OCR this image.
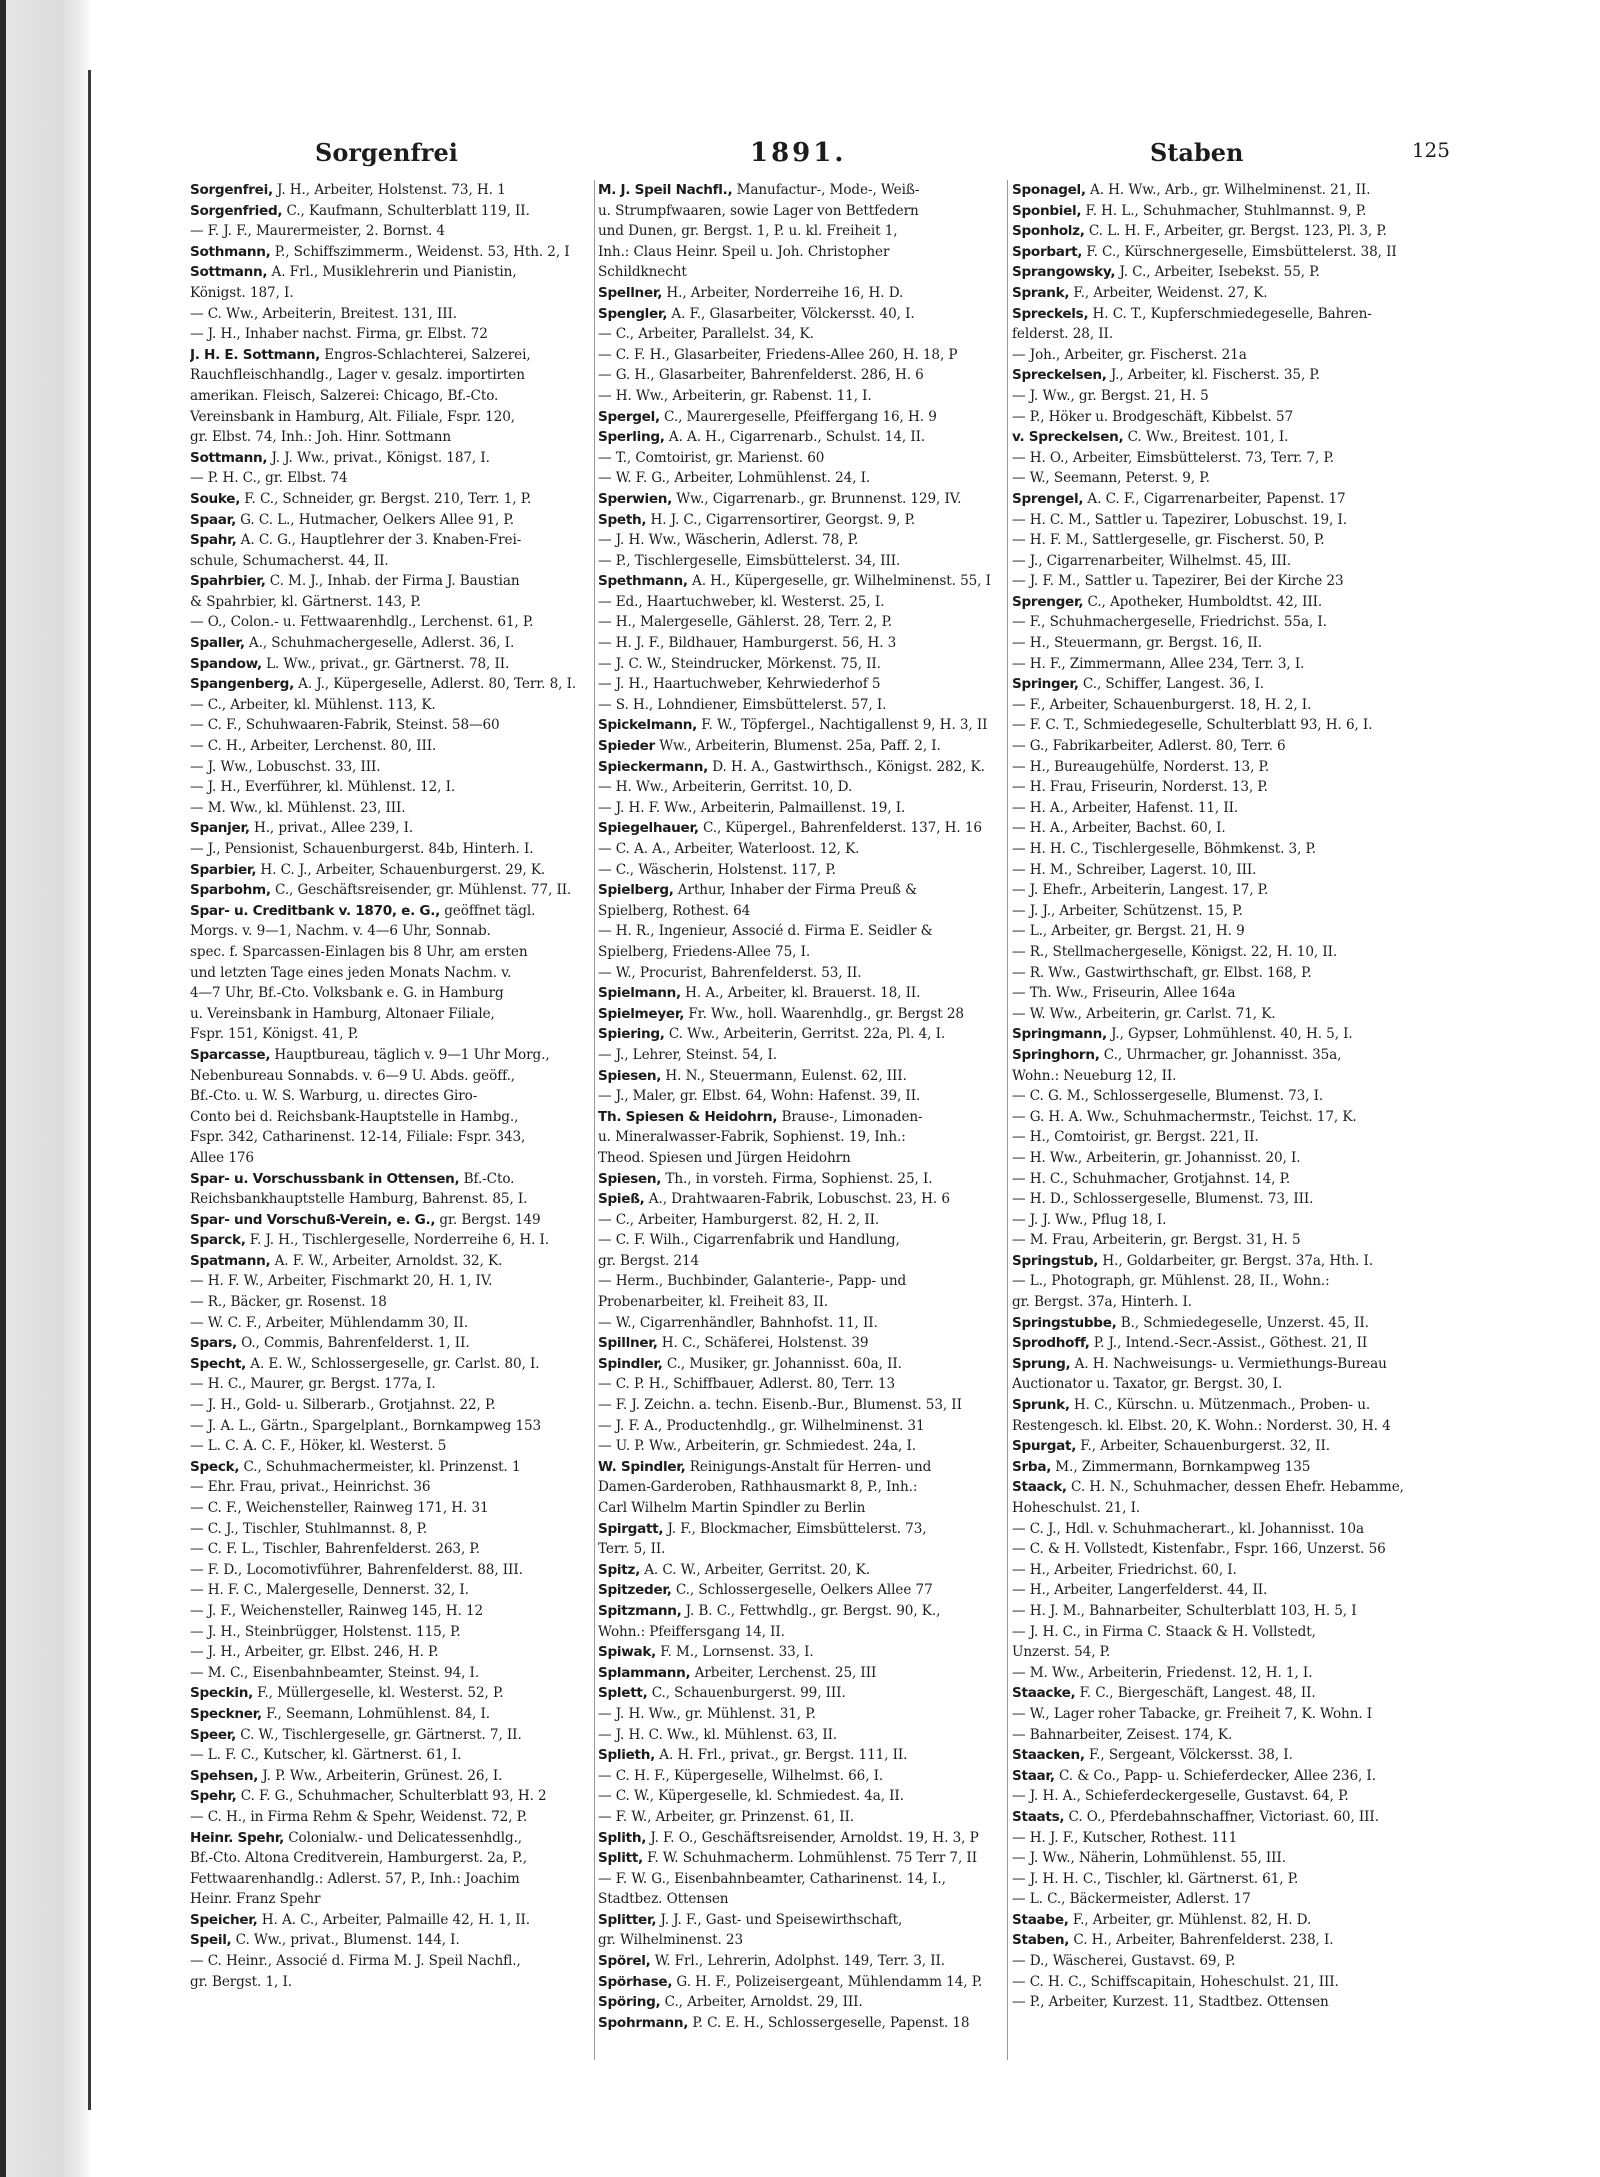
Sorgenfrei	1891.	Staben	125
Sorgenfrei, J. H., Arbeiter, Holstenst. 73, H. 1
Sorgenfried, C., Kaufmann, Schulterblatt 119, II.
— F. J. F., Maurermeister, 2. Bornst. 4
Sothmann, P., Schiffszimmerm., Weidenst. 53, Hth. 2, I
Sottmann, A. Frl., Musiklehrerin und Pianistin,
Königst. 187, I.
— C. Ww., Arbeiterin, Breitest. 131, III.
— J. H., Inhaber nachst. Firma, gr. Elbst. 72
J. H. E. Sottmann, Engros-Schlachterei, Salzerei,
Rauchfleischhandlg., Lager v. gesalz. importirten
amerikan. Fleisch, Salzerei: Chicago, Bf.-Cto.
Vereinsbank in Hamburg, Alt. Filiale, Fspr. 120,
gr. Elbst. 74, Inh.: Joh. Hinr. Sottmann
Sottmann, J. J. Ww., privat., Königst. 187, I.
— P. H. C., gr. Elbst. 74
Souke, F. C., Schneider, gr. Bergst. 210, Terr. 1, P.
Spaar, G. C. L., Hutmacher, Oelkers Allee 91, P.
Spahr, A. C. G., Hauptlehrer der 3. Knaben-Frei-
schule, Schumacherst. 44, II.
Spahrbier, C. M. J., Inhab. der Firma J. Baustian
& Spahrbier, kl. Gärtnerst. 143, P.
— O., Colon.- u. Fettwaarenhdlg., Lerchenst. 61, P.
Spaller, A., Schuhmachergeselle, Adlerst. 36, I.
Spandow, L. Ww., privat., gr. Gärtnerst. 78, II.
Spangenberg, A. J., Küpergeselle, Adlerst. 80, Terr. 8, I.
— C., Arbeiter, kl. Mühlenst. 113, K.
— C. F., Schuhwaaren-Fabrik, Steinst. 58—60
— C. H., Arbeiter, Lerchenst. 80, III.
— J. Ww., Lobuschst. 33, III.
— J. H., Everführer, kl. Mühlenst. 12, I.
— M. Ww., kl. Mühlenst. 23, III.
Spanjer, H., privat., Allee 239, I.
— J., Pensionist, Schauenburgerst. 84b, Hinterh. I.
Sparbier, H. C. J., Arbeiter, Schauenburgerst. 29, K.
Sparbohm, C., Geschäftsreisender, gr. Mühlenst. 77, II.
Spar- u. Creditbank v. 1870, e. G., geöffnet tägl.
Morgs. v. 9—1, Nachm. v. 4—6 Uhr, Sonnab.
spec. f. Sparcassen-Einlagen bis 8 Uhr, am ersten
und letzten Tage eines jeden Monats Nachm. v.
4—7 Uhr, Bf.-Cto. Volksbank e. G. in Hamburg
u. Vereinsbank in Hamburg, Altonaer Filiale,
Fspr. 151, Königst. 41, P.
Sparcasse, Hauptbureau, täglich v. 9—1 Uhr Morg.,
Nebenbureau Sonnabds. v. 6—9 U. Abds. geöff.,
Bf.-Cto. u. W. S. Warburg, u. directes Giro-
Conto bei d. Reichsbank-Hauptstelle in Hambg.,
Fspr. 342, Catharinenst. 12-14, Filiale: Fspr. 343,
Allee 176
Spar- u. Vorschussbank in Ottensen, Bf.-Cto.
Reichsbankhauptstelle Hamburg, Bahrenst. 85, I.
Spar- und Vorschuß-Verein, e. G., gr. Bergst. 149
Sparck, F. J. H., Tischlergeselle, Norderreihe 6, H. I.
Spatmann, A. F. W., Arbeiter, Arnoldst. 32, K.
— H. F. W., Arbeiter, Fischmarkt 20, H. 1, IV.
— R., Bäcker, gr. Rosenst. 18
— W. C. F., Arbeiter, Mühlendamm 30, II.
Spars, O., Commis, Bahrenfelderst. 1, II.
Specht, A. E. W., Schlossergeselle, gr. Carlst. 80, I.
— H. C., Maurer, gr. Bergst. 177a, I.
— J. H., Gold- u. Silberarb., Grotjahnst. 22, P.
— J. A. L., Gärtn., Spargelplant., Bornkampweg 153
— L. C. A. C. F., Höker, kl. Westerst. 5
Speck, C., Schuhmachermeister, kl. Prinzenst. 1
— Ehr. Frau, privat., Heinrichst. 36
— C. F., Weichensteller, Rainweg 171, H. 31
— C. J., Tischler, Stuhlmannst. 8, P.
— C. F. L., Tischler, Bahrenfelderst. 263, P.
— F. D., Locomotivführer, Bahrenfelderst. 88, III.
— H. F. C., Malergeselle, Dennerst. 32, I.
— J. F., Weichensteller, Rainweg 145, H. 12
— J. H., Steinbrügger, Holstenst. 115, P.
— J. H., Arbeiter, gr. Elbst. 246, H. P.
— M. C., Eisenbahnbeamter, Steinst. 94, I.
Speckin, F., Müllergeselle, kl. Westerst. 52, P.
Speckner, F., Seemann, Lohmühlenst. 84, I.
Speer, C. W., Tischlergeselle, gr. Gärtnerst. 7, II.
— L. F. C., Kutscher, kl. Gärtnerst. 61, I.
Spehsen, J. P. Ww., Arbeiterin, Grünest. 26, I.
Spehr, C. F. G., Schuhmacher, Schulterblatt 93, H. 2
— C. H., in Firma Rehm & Spehr, Weidenst. 72, P.
Heinr. Spehr, Colonialw.- und Delicatessenhdlg.,
Bf.-Cto. Altona Creditverein, Hamburgerst. 2a, P.,
Fettwaarenhandlg.: Adlerst. 57, P., Inh.: Joachim
Heinr. Franz Spehr
Speicher, H. A. C., Arbeiter, Palmaille 42, H. 1, II.
Speil, C. Ww., privat., Blumenst. 144, I.
— C. Heinr., Associé d. Firma M. J. Speil Nachfl.,
gr. Bergst. 1, I.
M. J. Speil Nachfl., Manufactur-, Mode-, Weiß-
u. Strumpfwaaren, sowie Lager von Bettfedern
und Dunen, gr. Bergst. 1, P. u. kl. Freiheit 1,
Inh.: Claus Heinr. Speil u. Joh. Christopher
Schildknecht
Spellner, H., Arbeiter, Norderreihe 16, H. D.
Spengler, A. F., Glasarbeiter, Völckersst. 40, I.
— C., Arbeiter, Parallelst. 34, K.
— C. F. H., Glasarbeiter, Friedens-Allee 260, H. 18, P
— G. H., Glasarbeiter, Bahrenfelderst. 286, H. 6
— H. Ww., Arbeiterin, gr. Rabenst. 11, I.
Spergel, C., Maurergeselle, Pfeiffergang 16, H. 9
Sperling, A. A. H., Cigarrenarb., Schulst. 14, II.
— T., Comtoirist, gr. Marienst. 60
— W. F. G., Arbeiter, Lohmühlenst. 24, I.
Sperwien, Ww., Cigarrenarb., gr. Brunnenst. 129, IV.
Speth, H. J. C., Cigarrensortirer, Georgst. 9, P.
— J. H. Ww., Wäscherin, Adlerst. 78, P.
— P., Tischlergeselle, Eimsbüttelerst. 34, III.
Spethmann, A. H., Küpergeselle, gr. Wilhelminenst. 55, I
— Ed., Haartuchweber, kl. Westerst. 25, I.
— H., Malergeselle, Gählerst. 28, Terr. 2, P.
— H. J. F., Bildhauer, Hamburgerst. 56, H. 3
— J. C. W., Steindrucker, Mörkenst. 75, II.
— J. H., Haartuchweber, Kehrwiederhof 5
— S. H., Lohndiener, Eimsbüttelerst. 57, I.
Spickelmann, F. W., Töpfergel., Nachtigallenst 9, H. 3, II
Spieder Ww., Arbeiterin, Blumenst. 25a, Paff. 2, I.
Spieckermann, D. H. A., Gastwirthsch., Königst. 282, K.
— H. Ww., Arbeiterin, Gerritst. 10, D.
— J. H. F. Ww., Arbeiterin, Palmaillenst. 19, I.
Spiegelhauer, C., Küpergel., Bahrenfelderst. 137, H. 16
— C. A. A., Arbeiter, Waterloost. 12, K.
— C., Wäscherin, Holstenst. 117, P.
Spielberg, Arthur, Inhaber der Firma Preuß &
Spielberg, Rothest. 64
— H. R., Ingenieur, Associé d. Firma E. Seidler &
Spielberg, Friedens-Allee 75, I.
— W., Procurist, Bahrenfelderst. 53, II.
Spielmann, H. A., Arbeiter, kl. Brauerst. 18, II.
Spielmeyer, Fr. Ww., holl. Waarenhdlg., gr. Bergst 28
Spiering, C. Ww., Arbeiterin, Gerritst. 22a, Pl. 4, I.
— J., Lehrer, Steinst. 54, I.
Spiesen, H. N., Steuermann, Eulenst. 62, III.
— J., Maler, gr. Elbst. 64, Wohn: Hafenst. 39, II.
Th. Spiesen & Heidohrn, Brause-, Limonaden-
u. Mineralwasser-Fabrik, Sophienst. 19, Inh.:
Theod. Spiesen und Jürgen Heidohrn
Spiesen, Th., in vorsteh. Firma, Sophienst. 25, I.
Spieß, A., Drahtwaaren-Fabrik, Lobuschst. 23, H. 6
— C., Arbeiter, Hamburgerst. 82, H. 2, II.
— C. F. Wilh., Cigarrenfabrik und Handlung,
gr. Bergst. 214
— Herm., Buchbinder, Galanterie-, Papp- und
Probenarbeiter, kl. Freiheit 83, II.
— W., Cigarrenhändler, Bahnhofst. 11, II.
Spillner, H. C., Schäferei, Holstenst. 39
Spindler, C., Musiker, gr. Johannisst. 60a, II.
— C. P. H., Schiffbauer, Adlerst. 80, Terr. 13
— F. J. Zeichn. a. techn. Eisenb.-Bur., Blumenst. 53, II
— J. F. A., Productenhdlg., gr. Wilhelminenst. 31
— U. P. Ww., Arbeiterin, gr. Schmiedest. 24a, I.
W. Spindler, Reinigungs-Anstalt für Herren- und
Damen-Garderoben, Rathhausmarkt 8, P., Inh.:
Carl Wilhelm Martin Spindler zu Berlin
Spirgatt, J. F., Blockmacher, Eimsbüttelerst. 73,
Terr. 5, II.
Spitz, A. C. W., Arbeiter, Gerritst. 20, K.
Spitzeder, C., Schlossergeselle, Oelkers Allee 77
Spitzmann, J. B. C., Fettwhdlg., gr. Bergst. 90, K.,
Wohn.: Pfeiffersgang 14, II.
Spiwak, F. M., Lornsenst. 33, I.
Splammann, Arbeiter, Lerchenst. 25, III
Splett, C., Schauenburgerst. 99, III.
— J. H. Ww., gr. Mühlenst. 31, P.
— J. H. C. Ww., kl. Mühlenst. 63, II.
Splieth, A. H. Frl., privat., gr. Bergst. 111, II.
— C. H. F., Küpergeselle, Wilhelmst. 66, I.
— C. W., Küpergeselle, kl. Schmiedest. 4a, II.
— F. W., Arbeiter, gr. Prinzenst. 61, II.
Splith, J. F. O., Geschäftsreisender, Arnoldst. 19, H. 3, P
Splitt, F. W. Schuhmacherm. Lohmühlenst. 75 Terr 7, II
— F. W. G., Eisenbahnbeamter, Catharinenst. 14, I.,
Stadtbez. Ottensen
Splitter, J. J. F., Gast- und Speisewirthschaft,
gr. Wilhelminenst. 23
Spörel, W. Frl., Lehrerin, Adolphst. 149, Terr. 3, II.
Spörhase, G. H. F., Polizeisergeant, Mühlendamm 14, P.
Spöring, C., Arbeiter, Arnoldst. 29, III.
Spohrmann, P. C. E. H., Schlossergeselle, Papenst. 18
Sponagel, A. H. Ww., Arb., gr. Wilhelminenst. 21, II.
Sponbiel, F. H. L., Schuhmacher, Stuhlmannst. 9, P.
Sponholz, C. L. H. F., Arbeiter, gr. Bergst. 123, Pl. 3, P.
Sporbart, F. C., Kürschnergeselle, Eimsbüttelerst. 38, II
Sprangowsky, J. C., Arbeiter, Isebekst. 55, P.
Sprank, F., Arbeiter, Weidenst. 27, K.
Spreckels, H. C. T., Kupferschmiedegeselle, Bahren-
felderst. 28, II.
— Joh., Arbeiter, gr. Fischerst. 21a
Spreckelsen, J., Arbeiter, kl. Fischerst. 35, P.
— J. Ww., gr. Bergst. 21, H. 5
— P., Höker u. Brodgeschäft, Kibbelst. 57
v. Spreckelsen, C. Ww., Breitest. 101, I.
— H. O., Arbeiter, Eimsbüttelerst. 73, Terr. 7, P.
— W., Seemann, Peterst. 9, P.
Sprengel, A. C. F., Cigarrenarbeiter, Papenst. 17
— H. C. M., Sattler u. Tapezirer, Lobuschst. 19, I.
— H. F. M., Sattlergeselle, gr. Fischerst. 50, P.
— J., Cigarrenarbeiter, Wilhelmst. 45, III.
— J. F. M., Sattler u. Tapezirer, Bei der Kirche 23
Sprenger, C., Apotheker, Humboldtst. 42, III.
— F., Schuhmachergeselle, Friedrichst. 55a, I.
— H., Steuermann, gr. Bergst. 16, II.
— H. F., Zimmermann, Allee 234, Terr. 3, I.
Springer, C., Schiffer, Langest. 36, I.
— F., Arbeiter, Schauenburgerst. 18, H. 2, I.
— F. C. T., Schmiedegeselle, Schulterblatt 93, H. 6, I.
— G., Fabrikarbeiter, Adlerst. 80, Terr. 6
— H., Bureaugehülfe, Norderst. 13, P.
— H. Frau, Friseurin, Norderst. 13, P.
— H. A., Arbeiter, Hafenst. 11, II.
— H. A., Arbeiter, Bachst. 60, I.
— H. H. C., Tischlergeselle, Böhmkenst. 3, P.
— H. M., Schreiber, Lagerst. 10, III.
— J. Ehefr., Arbeiterin, Langest. 17, P.
— J. J., Arbeiter, Schützenst. 15, P.
— L., Arbeiter, gr. Bergst. 21, H. 9
— R., Stellmachergeselle, Königst. 22, H. 10, II.
— R. Ww., Gastwirthschaft, gr. Elbst. 168, P.
— Th. Ww., Friseurin, Allee 164a
— W. Ww., Arbeiterin, gr. Carlst. 71, K.
Springmann, J., Gypser, Lohmühlenst. 40, H. 5, I.
Springhorn, C., Uhrmacher, gr. Johannisst. 35a,
Wohn.: Neueburg 12, II.
— C. G. M., Schlossergeselle, Blumenst. 73, I.
— G. H. A. Ww., Schuhmachermstr., Teichst. 17, K.
— H., Comtoirist, gr. Bergst. 221, II.
— H. Ww., Arbeiterin, gr. Johannisst. 20, I.
— H. C., Schuhmacher, Grotjahnst. 14, P.
— H. D., Schlossergeselle, Blumenst. 73, III.
— J. J. Ww., Pflug 18, I.
— M. Frau, Arbeiterin, gr. Bergst. 31, H. 5
Springstub, H., Goldarbeiter, gr. Bergst. 37a, Hth. I.
— L., Photograph, gr. Mühlenst. 28, II., Wohn.:
gr. Bergst. 37a, Hinterh. I.
Springstubbe, B., Schmiedegeselle, Unzerst. 45, II.
Sprodhoff, P. J., Intend.-Secr.-Assist., Göthest. 21, II
Sprung, A. H. Nachweisungs- u. Vermiethungs-Bureau
Auctionator u. Taxator, gr. Bergst. 30, I.
Sprunk, H. C., Kürschn. u. Mützenmach., Proben- u.
Restengesch. kl. Elbst. 20, K. Wohn.: Norderst. 30, H. 4
Spurgat, F., Arbeiter, Schauenburgerst. 32, II.
Srba, M., Zimmermann, Bornkampweg 135
Staack, C. H. N., Schuhmacher, dessen Ehefr. Hebamme,
Hoheschulst. 21, I.
— C. J., Hdl. v. Schuhmacherart., kl. Johannisst. 10a
— C. & H. Vollstedt, Kistenfabr., Fspr. 166, Unzerst. 56
— H., Arbeiter, Friedrichst. 60, I.
— H., Arbeiter, Langerfelderst. 44, II.
— H. J. M., Bahnarbeiter, Schulterblatt 103, H. 5, I
— J. H. C., in Firma C. Staack & H. Vollstedt,
Unzerst. 54, P.
— M. Ww., Arbeiterin, Friedenst. 12, H. 1, I.
Staacke, F. C., Biergeschäft, Langest. 48, II.
— W., Lager roher Tabacke, gr. Freiheit 7, K. Wohn. I
— Bahnarbeiter, Zeisest. 174, K.
Staacken, F., Sergeant, Völckersst. 38, I.
Staar, C. & Co., Papp- u. Schieferdecker, Allee 236, I.
— J. H. A., Schieferdeckergeselle, Gustavst. 64, P.
Staats, C. O., Pferdebahnschaffner, Victoriast. 60, III.
— H. J. F., Kutscher, Rothest. 111
— J. Ww., Näherin, Lohmühlenst. 55, III.
— J. H. H. C., Tischler, kl. Gärtnerst. 61, P.
— L. C., Bäckermeister, Adlerst. 17
Staabe, F., Arbeiter, gr. Mühlenst. 82, H. D.
Staben, C. H., Arbeiter, Bahrenfelderst. 238, I.
— D., Wäscherei, Gustavst. 69, P.
— C. H. C., Schiffscapitain, Hoheschulst. 21, III.
— P., Arbeiter, Kurzest. 11, Stadtbez. Ottensen
